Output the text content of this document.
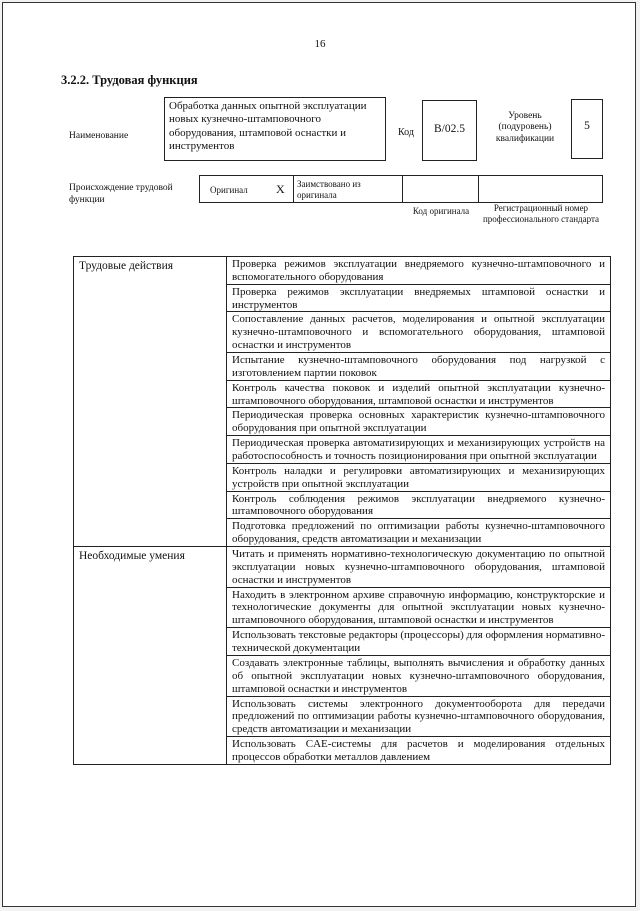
16
3.2.2. Трудовая функция
Наименование
Обработка данных опытной эксплуатации новых кузнечно-штамповочного оборудования, штамповой оснастки и инструментов
Код	B/02.5
Уровень (подуровень) квалификации
5
Происхождение трудовой функции
Оригинал X Заимствовано из оригинала
Код оригинала	Регистрационный номер профессионального стандарта
Трудовые действия	Проверка режимов эксплуатации внедряемого кузнечно-штамповочного и вспомогательного оборудования
	Проверка режимов эксплуатации внедряемых штамповой оснастки и инструментов
	Сопоставление данных расчетов, моделирования и опытной эксплуатации кузнечно-штамповочного и вспомогательного оборудования, штамповой оснастки и инструментов
	Испытание кузнечно-штамповочного оборудования под нагрузкой с изготовлением партии поковок
	Контроль качества поковок и изделий опытной эксплуатации кузнечно-штамповочного оборудования, штамповой оснастки и инструментов
	Периодическая проверка основных характеристик кузнечно-штамповочного оборудования при опытной эксплуатации
	Периодическая проверка автоматизирующих и механизирующих устройств на работоспособность и точность позиционирования при опытной эксплуатации
	Контроль наладки и регулировки автоматизирующих и механизирующих устройств при опытной эксплуатации
	Контроль соблюдения режимов эксплуатации внедряемого кузнечно-штамповочного оборудования
	Подготовка предложений по оптимизации работы кузнечно-штамповочного оборудования, средств автоматизации и механизации
Необходимые умения	Читать и применять нормативно-технологическую документацию по опытной эксплуатации новых кузнечно-штамповочного оборудования, штамповой оснастки и инструментов
	Находить в электронном архиве справочную информацию, конструкторские и технологические документы для опытной эксплуатации новых кузнечно-штамповочного оборудования, штамповой оснастки и инструментов
	Использовать текстовые редакторы (процессоры) для оформления нормативно-технической документации
	Создавать электронные таблицы, выполнять вычисления и обработку данных об опытной эксплуатации новых кузнечно-штамповочного оборудования, штамповой оснастки и инструментов
	Использовать системы электронного документооборота для передачи предложений по оптимизации работы кузнечно-штамповочного оборудования, средств автоматизации и механизации
	Использовать CAE-системы для расчетов и моделирования отдельных процессов обработки металлов давлением
